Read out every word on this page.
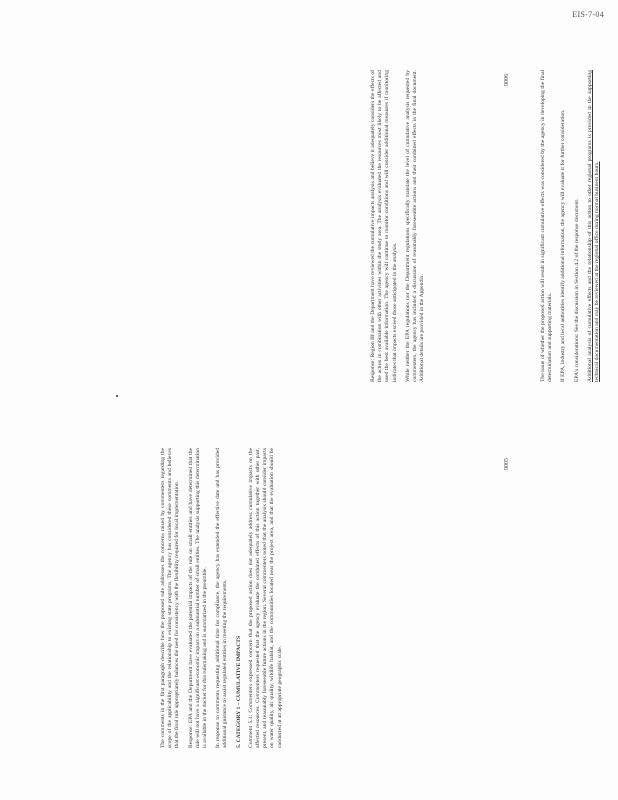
EIS-7-04
9006
9005

The comments in the first paragraph describe how the proposed rule addresses the concerns raised by commenters regarding the scope of the applicability and the relationship to existing state programs. The agency has considered these comments and believes that the final rule appropriately balances the need for consistency with the flexibility required for local implementation. Response: EPA and the Department have evaluated the potential impacts of the rule on small entities and have determined that the rule will not have a significant economic impact on a substantial number of small entities. The analysis supporting this determination is available in the docket for this rulemaking and is summarized in the preamble. In response to comments requesting additional time for compliance, the agency has extended the effective date and has provided additional guidance to assist regulated entities in meeting the requirements. 5. CATEGORY 1 – CUMULATIVE IMPACTS Comment 5.1: Commenters expressed concern that the proposed action does not adequately address cumulative impacts on the affected resources. Commenters requested that the agency evaluate the combined effects of this action together with other past, present, and reasonably foreseeable future actions in the region. Several commenters noted that the analysis should consider impacts on water quality, air quality, wildlife habitat, and the communities located near the project area, and that the evaluation should be conducted at an appropriate geographic scale.

Response: Region III and the Department have reviewed the cumulative impacts analysis and believe it adequately considers the effects of the action in combination with other activities within the study area. The analysis evaluated the resources most likely to be affected and used the best available information. The agency will continue to monitor conditions and will consider additional measures if monitoring indicates that impacts exceed those anticipated in the analysis. While neither the EPA regulations nor the Department regulations specifically mandate the level of cumulative analysis requested by commenters, the agency has included a discussion of reasonably foreseeable actions and their combined effects in the final document. Additional details are provided in the Appendix.	The issue of whether the proposed action will result in significant cumulative effects was considered by the agency in developing the final determination and supporting materials. If EPA, industry and local authorities identify additional information, the agency will evaluate it for further consideration. EPA's considerations: See the discussion in Section 4.2 of the response document. Additional analysis of cumulative effects and the relationship of this action to other regional programs is provided in the supporting technical documentation and may be reviewed at the regional office during normal business hours.
